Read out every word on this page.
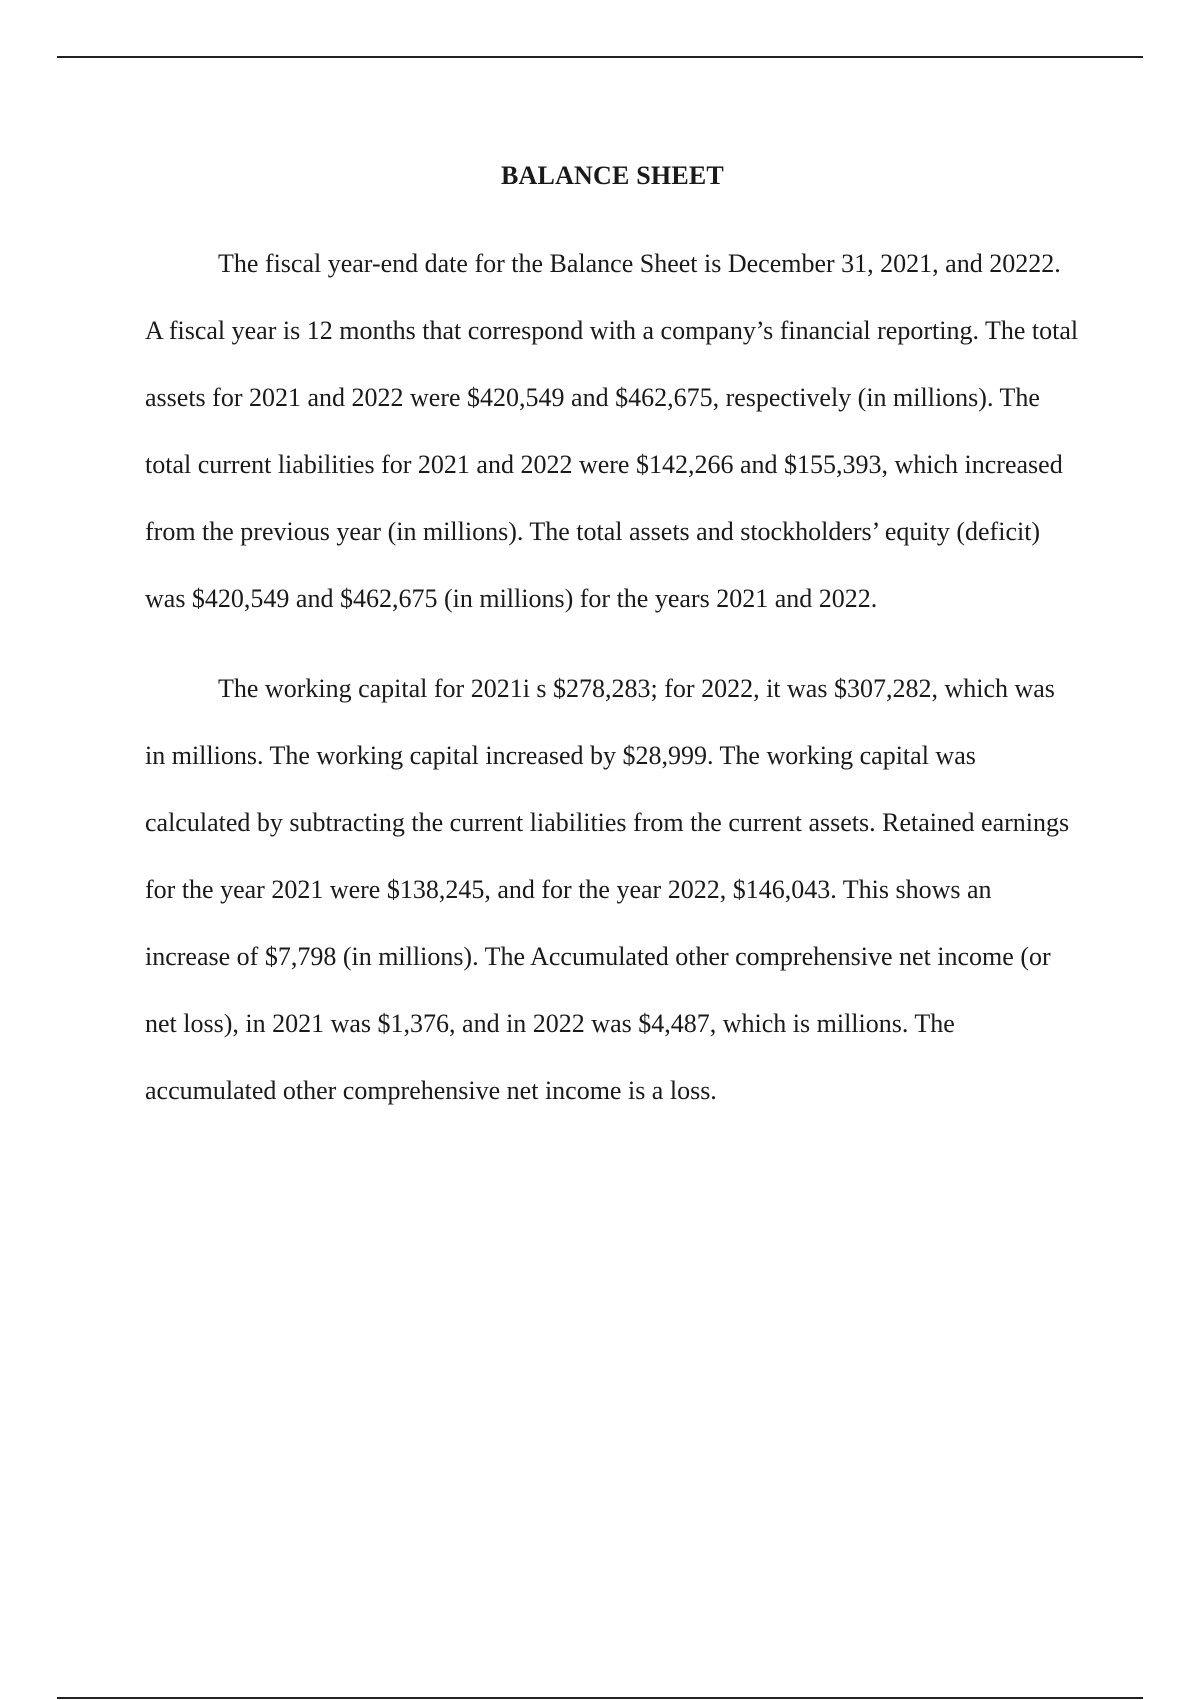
BALANCE SHEET

The fiscal year-end date for the Balance Sheet is December 31, 2021, and 20222. A fiscal year is 12 months that correspond with a company’s financial reporting. The total assets for 2021 and 2022 were $420,549 and $462,675, respectively (in millions). The total current liabilities for 2021 and 2022 were $142,266 and $155,393, which increased from the previous year (in millions). The total assets and stockholders’ equity (deficit) was $420,549 and $462,675 (in millions) for the years 2021 and 2022.

The working capital for 2021i s $278,283; for 2022, it was $307,282, which was in millions. The working capital increased by $28,999. The working capital was calculated by subtracting the current liabilities from the current assets. Retained earnings for the year 2021 were $138,245, and for the year 2022, $146,043. This shows an increase of $7,798 (in millions). The Accumulated other comprehensive net income (or net loss), in 2021 was $1,376, and in 2022 was $4,487, which is millions. The accumulated other comprehensive net income is a loss.
